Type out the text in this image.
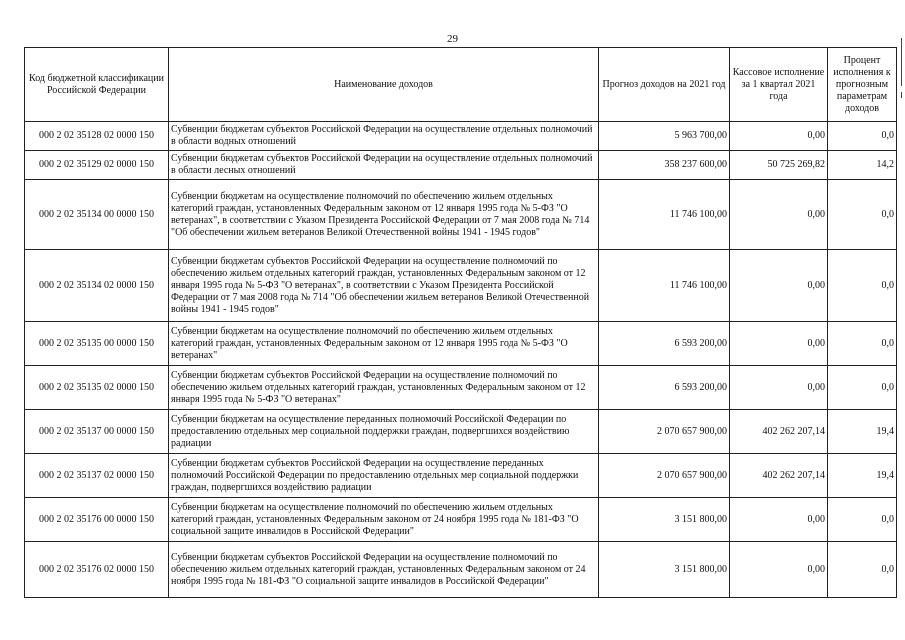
29
Код бюджетной классификации Российской Федерации	Наименование доходов	Прогноз доходов на 2021 год	Кассовое исполнение за 1 квартал 2021 года	Процент исполнения к прогнозным параметрам доходов
000 2 02 35128 02 0000 150	Субвенции бюджетам субъектов Российской Федерации на осуществление отдельных полномочий в области водных отношений	5 963 700,00	0,00	0,0
000 2 02 35129 02 0000 150	Субвенции бюджетам субъектов Российской Федерации на осуществление отдельных полномочий в области лесных отношений	358 237 600,00	50 725 269,82	14,2
000 2 02 35134 00 0000 150	Субвенции бюджетам на осуществление полномочий по обеспечению жильем отдельных категорий граждан, установленных Федеральным законом от 12 января 1995 года № 5-ФЗ "О ветеранах", в соответствии с Указом Президента Российской Федерации от 7 мая 2008 года № 714 "Об обеспечении жильем ветеранов Великой Отечественной войны 1941 - 1945 годов"	11 746 100,00	0,00	0,0
000 2 02 35134 02 0000 150	Субвенции бюджетам субъектов Российской Федерации на осуществление полномочий по обеспечению жильем отдельных категорий граждан, установленных Федеральным законом от 12 января 1995 года № 5-ФЗ "О ветеранах", в соответствии с Указом Президента Российской Федерации от 7 мая 2008 года № 714 "Об обеспечении жильем ветеранов Великой Отечественной войны 1941 - 1945 годов"	11 746 100,00	0,00	0,0
000 2 02 35135 00 0000 150	Субвенции бюджетам на осуществление полномочий по обеспечению жильем отдельных категорий граждан, установленных Федеральным законом от 12 января 1995 года № 5-ФЗ "О ветеранах"	6 593 200,00	0,00	0,0
000 2 02 35135 02 0000 150	Субвенции бюджетам субъектов Российской Федерации на осуществление полномочий по обеспечению жильем отдельных категорий граждан, установленных Федеральным законом от 12 января 1995 года № 5-ФЗ "О ветеранах"	6 593 200,00	0,00	0,0
000 2 02 35137 00 0000 150	Субвенции бюджетам на осуществление переданных полномочий Российской Федерации по предоставлению отдельных мер социальной поддержки граждан, подвергшихся воздействию радиации	2 070 657 900,00	402 262 207,14	19,4
000 2 02 35137 02 0000 150	Субвенции бюджетам субъектов Российской Федерации на осуществление переданных полномочий Российской Федерации по предоставлению отдельных мер социальной поддержки граждан, подвергшихся воздействию радиации	2 070 657 900,00	402 262 207,14	19,4
000 2 02 35176 00 0000 150	Субвенции бюджетам на осуществление полномочий по обеспечению жильем отдельных категорий граждан, установленных Федеральным законом от 24 ноября 1995 года № 181-ФЗ "О социальной защите инвалидов в Российской Федерации"	3 151 800,00	0,00	0,0
000 2 02 35176 02 0000 150	Субвенции бюджетам субъектов Российской Федерации на осуществление полномочий по обеспечению жильем отдельных категорий граждан, установленных Федеральным законом от 24 ноября 1995 года № 181-ФЗ "О социальной защите инвалидов в Российской Федерации"	3 151 800,00	0,00	0,0
